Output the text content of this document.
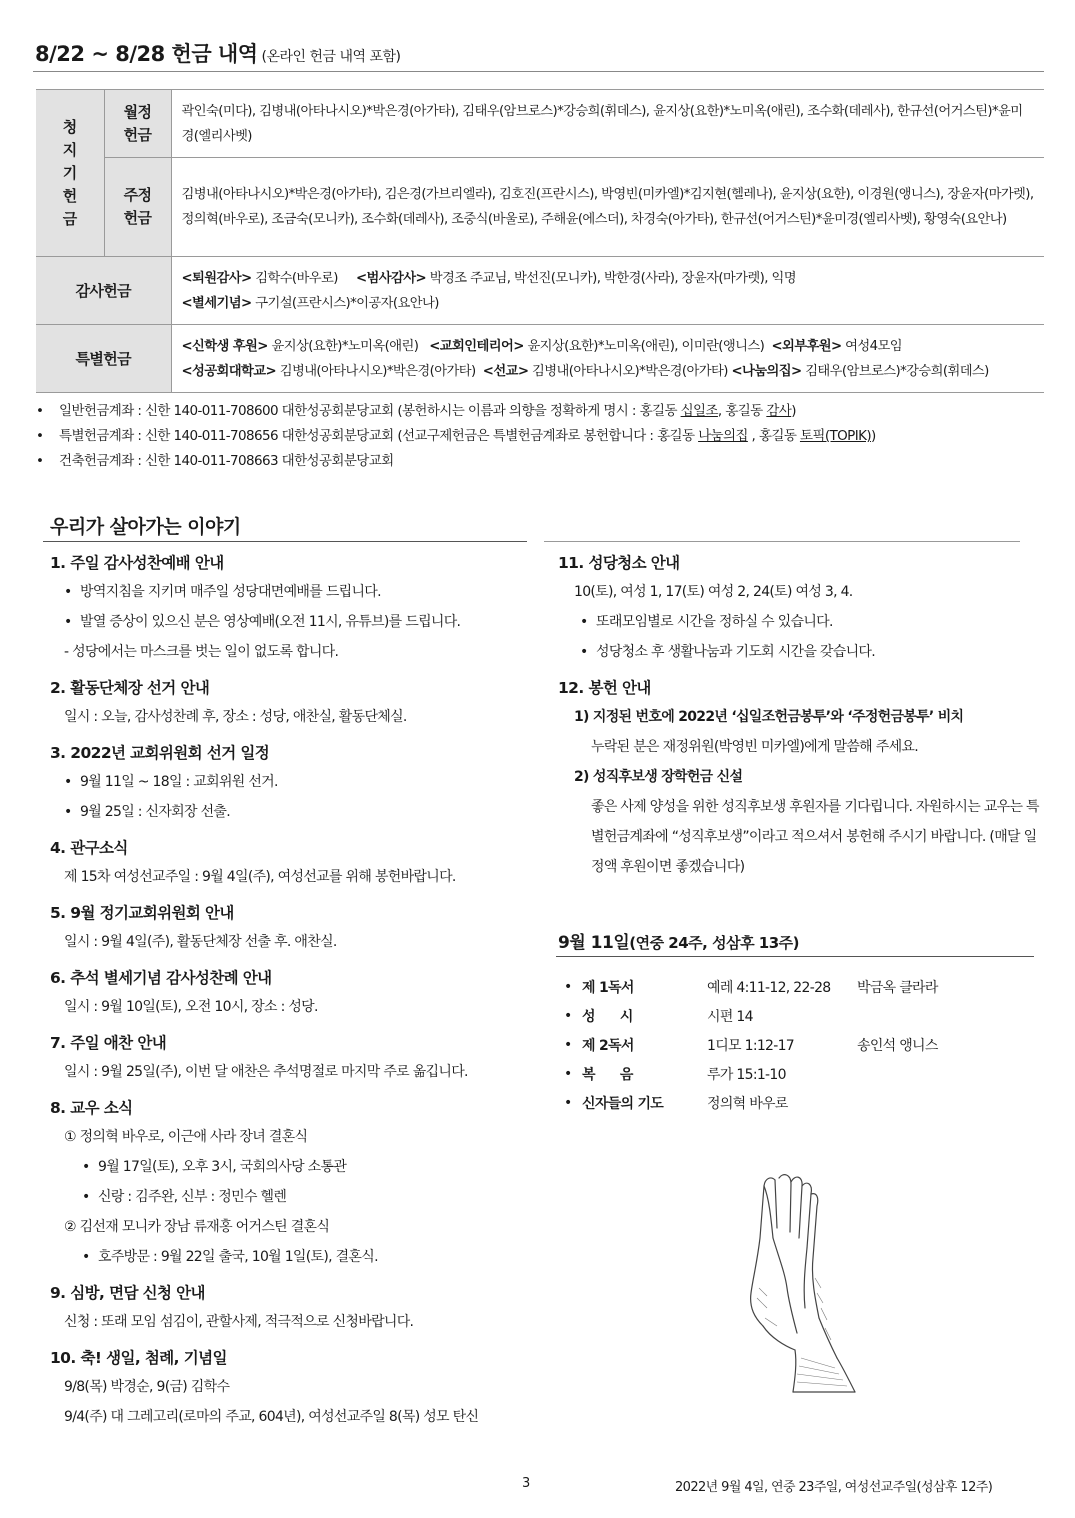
8/22 ~ 8/28 헌금 내역 (온라인 헌금 내역 포함)
청지기헌금	월정헌금	곽인숙(미다), 김병내(아타나시오)*박은경(아가타), 김태우(암브로스)*강승희(휘데스), 윤지상(요한)*노미옥(애린), 조수화(데레사), 한규선(어거스틴)*윤미경(엘리사벳)

	주정헌금	김병내(아타나시오)*박은경(아가타), 김은경(가브리엘라), 김호진(프란시스), 박영빈(미카엘)*김지현(헬레나), 윤지상(요한), 이경원(앵니스), 장윤자(마가렛), 정의혁(바우로), 조금숙(모니카), 조수화(데레사), 조중식(바울로), 주해윤(에스더), 차경숙(아가타), 한규선(어거스틴)*윤미경(엘리사벳), 황영숙(요안나)
감사헌금		<퇴원감사> 김학수(바우로) <범사감사> 박경조 주교님, 박선진(모니카), 박한경(사라), 장윤자(마가렛), 익명
<별세기념> 구기설(프란시스)*이공자(요안나)
특별헌금		<신학생 후원> 윤지상(요한)*노미옥(애린) <교회인테리어> 윤지상(요한)*노미옥(애린), 이미란(앵니스) <외부후원> 여성4모임
<성공회대학교> 김병내(아타나시오)*박은경(아가타) <선교> 김병내(아타나시오)*박은경(아가타) <나눔의집> 김태우(암브로스)*강승희(휘데스)
• 일반헌금계좌 : 신한 140-011-708600 대한성공회분당교회 (봉헌하시는 이름과 의향을 정확하게 명시 : 홍길동 십일조, 홍길동 감사)
• 특별헌금계좌 : 신한 140-011-708656 대한성공회분당교회 (선교구제헌금은 특별헌금계좌로 봉헌합니다 : 홍길동 나눔의집 , 홍길동 토픽(TOPIK))
• 건축헌금계좌 : 신한 140-011-708663 대한성공회분당교회
우리가 살아가는 이야기
1. 주일 감사성찬예배 안내
• 방역지침을 지키며 매주일 성당대면예배를 드립니다.
• 발열 증상이 있으신 분은 영상예배(오전 11시, 유튜브)를 드립니다.
- 성당에서는 마스크를 벗는 일이 없도록 합니다.
2. 활동단체장 선거 안내
일시 : 오늘, 감사성찬례 후, 장소 : 성당, 애찬실, 활동단체실.
3. 2022년 교회위원회 선거 일정
• 9월 11일 ~ 18일 : 교회위원 선거.
• 9월 25일 : 신자회장 선출.
4. 관구소식
제 15차 여성선교주일 : 9월 4일(주), 여성선교를 위해 봉헌바랍니다.
5. 9월 정기교회위원회 안내
일시 : 9월 4일(주), 활동단체장 선출 후. 애찬실.
6. 추석 별세기념 감사성찬례 안내
일시 : 9월 10일(토), 오전 10시, 장소 : 성당.
7. 주일 애찬 안내
일시 : 9월 25일(주), 이번 달 애찬은 추석명절로 마지막 주로 옮깁니다.
8. 교우 소식
① 정의혁 바우로, 이근애 사라 장녀 결혼식
• 9월 17일(토), 오후 3시, 국회의사당 소통관
• 신랑 : 김주완, 신부 : 정민수 헬렌
② 김선재 모니카 장남 류재홍 어거스틴 결혼식
• 호주방문 : 9월 22일 출국, 10월 1일(토), 결혼식.
9. 심방, 면담 신청 안내
신청 : 또래 모임 섬김이, 관할사제, 적극적으로 신청바랍니다.
10. 축! 생일, 첨례, 기념일
9/8(목) 박경순, 9(금) 김학수
9/4(주) 대 그레고리(로마의 주교, 604년), 여성선교주일 8(목) 성모 탄신
11. 성당청소 안내
10(토), 여성 1, 17(토) 여성 2, 24(토) 여성 3, 4.
• 또래모임별로 시간을 정하실 수 있습니다.
• 성당청소 후 생활나눔과 기도회 시간을 갖습니다.
12. 봉헌 안내
1) 지정된 번호에 2022년 ‘십일조헌금봉투’와 ‘주정헌금봉투’ 비치
누락된 분은 재정위원(박영빈 미카엘)에게 말씀해 주세요.
2) 성직후보생 장학헌금 신설
좋은 사제 양성을 위한 성직후보생 후원자를 기다립니다. 자원하시는 교우는 특별헌금계좌에 “성직후보생”이라고 적으셔서 봉헌해 주시기 바랍니다. (매달 일정액 후원이면 좋겠습니다)
9월 11일(연중 24주, 성삼후 13주)
•	제 1독서	예레 4:11-12, 22-28	박금옥 클라라
•	성      시	시편 14	
•	제 2독서	1디모 1:12-17	송인석 앵니스
•	복      음	루가 15:1-10	
•	신자들의 기도	정의혁 바우로	
3	2022년 9월 4일, 연중 23주일, 여성선교주일(성삼후 12주)
